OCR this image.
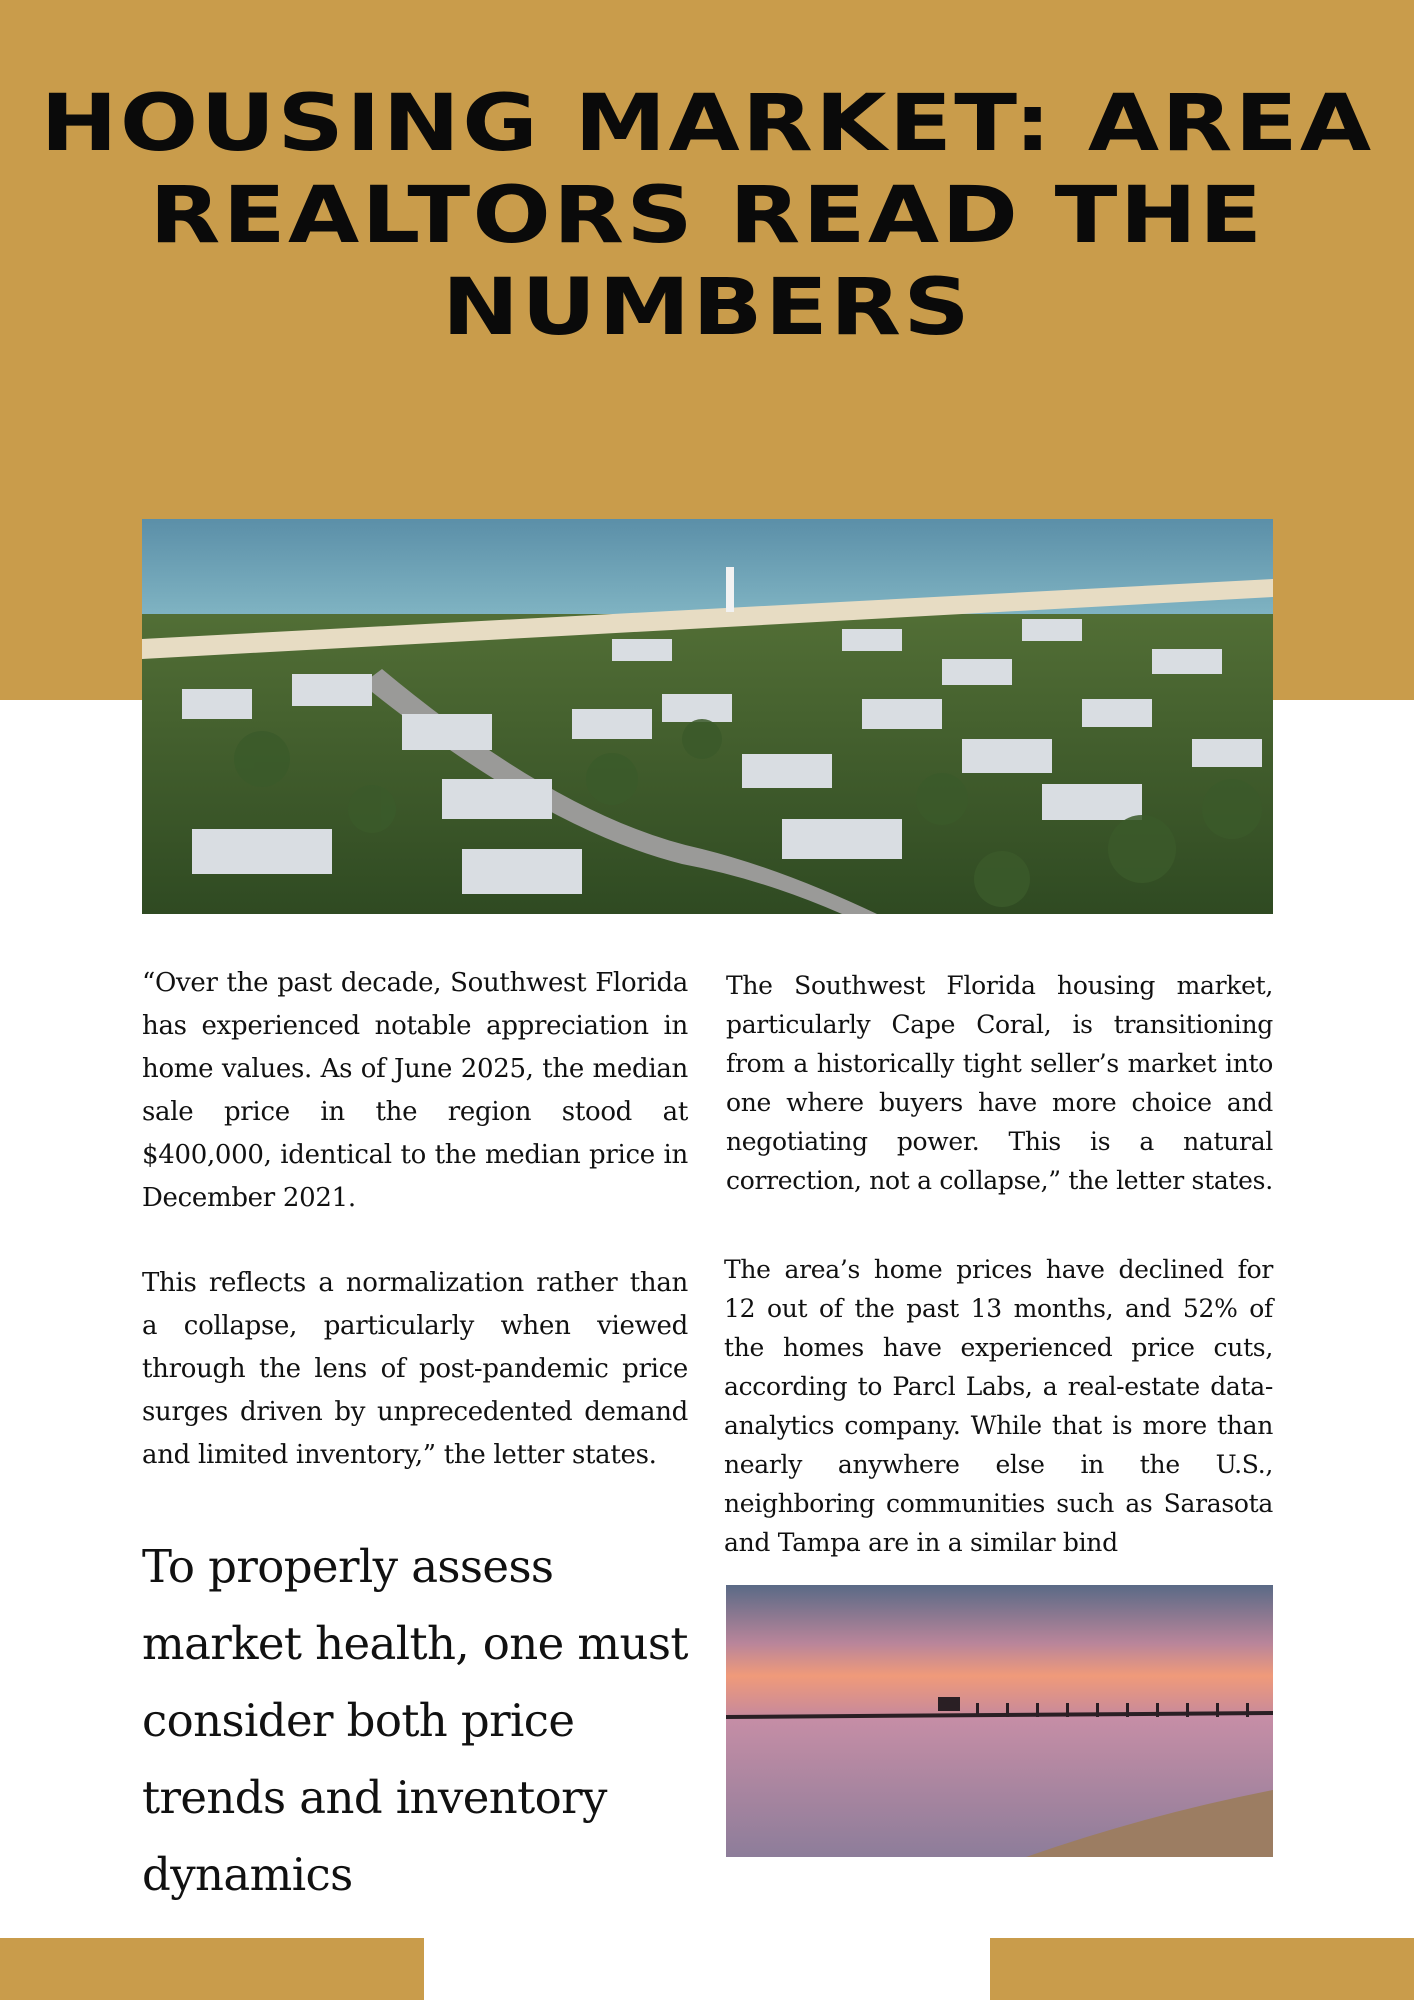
HOUSING MARKET: AREA REALTORS READ THE NUMBERS

“Over the past decade, Southwest Florida has experienced notable appreciation in home values. As of June 2025, the median sale price in the region stood at $400,000, identical to the median price in December 2021.

This reflects a normalization rather than a collapse, particularly when viewed through the lens of post-pandemic price surges driven by unprecedented demand and limited inventory,” the letter states.

To properly assess market health, one must consider both price trends and inventory dynamics

The Southwest Florida housing market, particularly Cape Coral, is transitioning from a historically tight seller’s market into one where buyers have more choice and negotiating power. This is a natural correction, not a collapse,” the letter states.

The area’s home prices have declined for 12 out of the past 13 months, and 52% of the homes have experienced price cuts, according to Parcl Labs, a real-estate data-analytics company. While that is more than nearly anywhere else in the U.S., neighboring communities such as Sarasota and Tampa are in a similar bind
